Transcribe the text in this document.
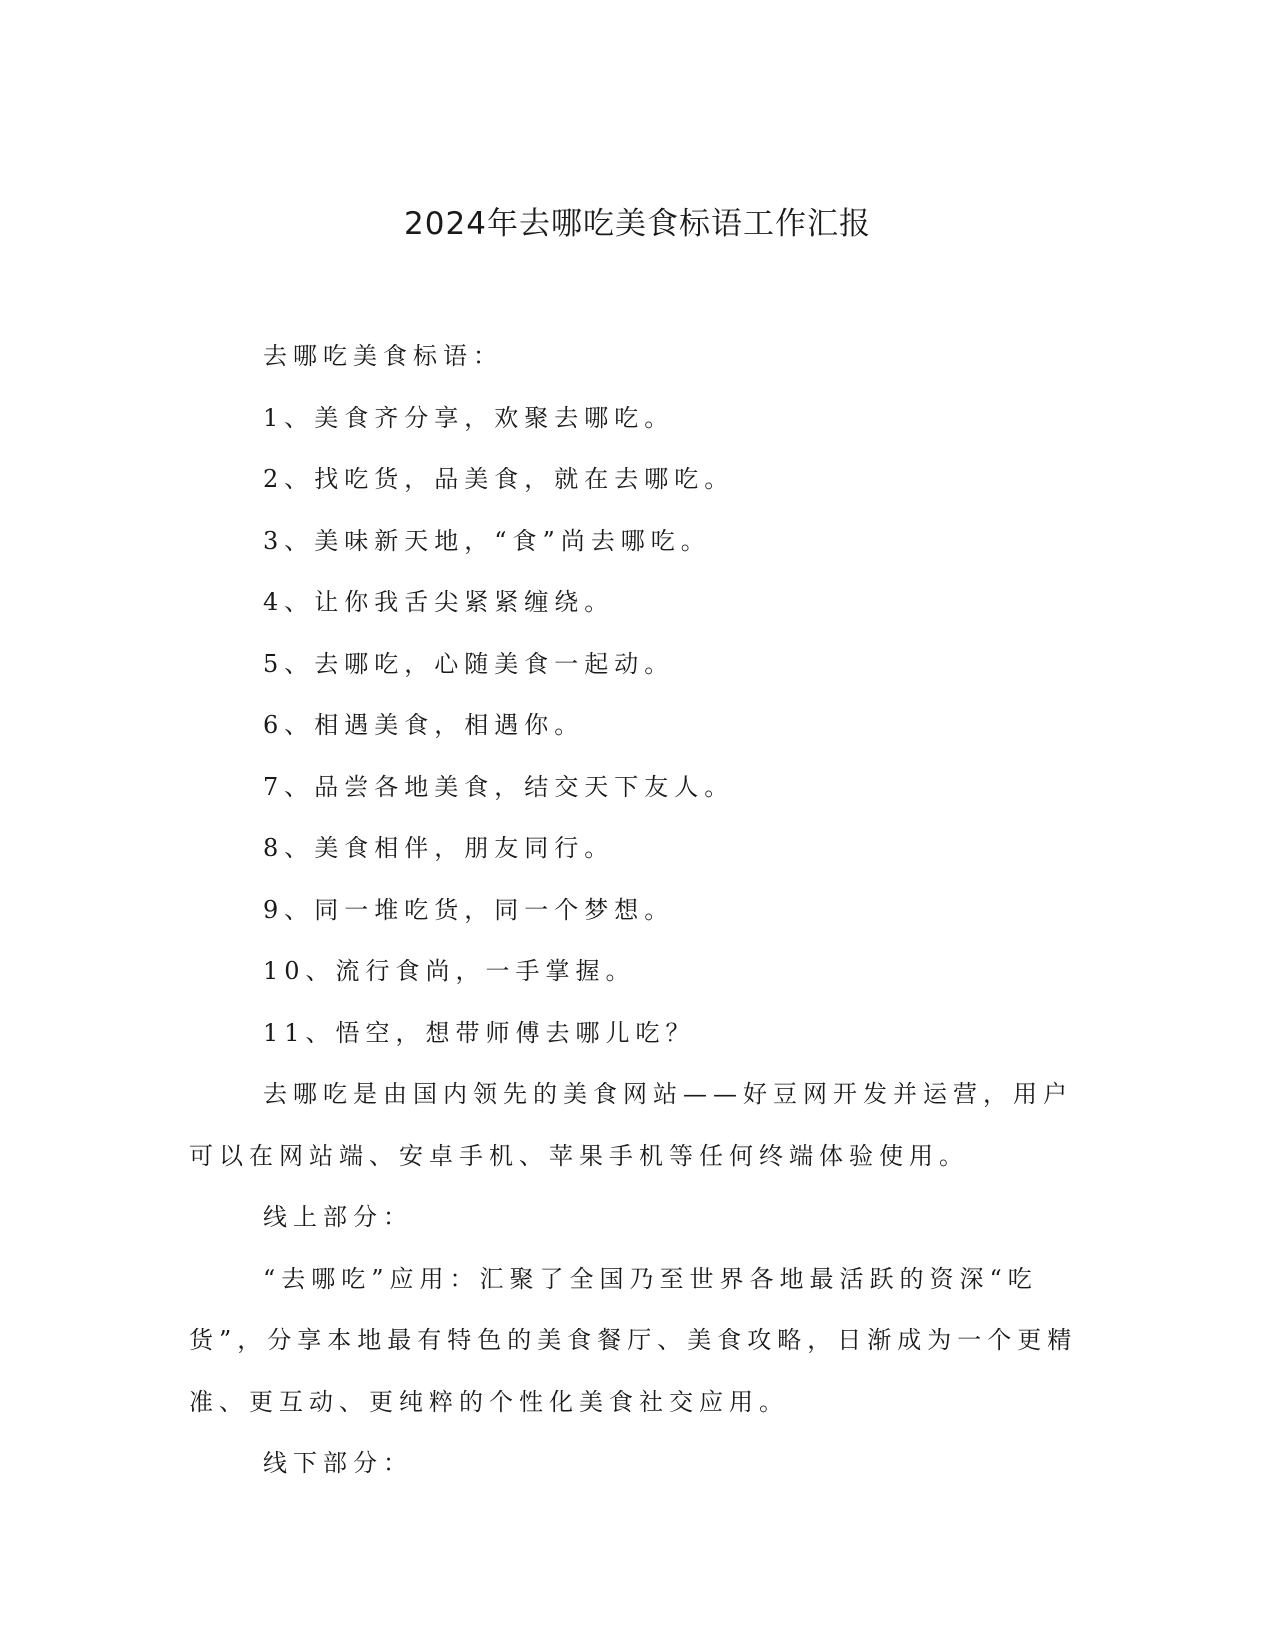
2024年去哪吃美食标语工作汇报

去哪吃美食标语：

1、美食齐分享，欢聚去哪吃。

2、找吃货，品美食，就在去哪吃。

3、美味新天地，“食”尚去哪吃。

4、让你我舌尖紧紧缠绕。

5、去哪吃，心随美食一起动。

6、相遇美食，相遇你。

7、品尝各地美食，结交天下友人。

8、美食相伴，朋友同行。

9、同一堆吃货，同一个梦想。

10、流行食尚，一手掌握。

11、悟空，想带师傅去哪儿吃？

去哪吃是由国内领先的美食网站——好豆网开发并运营，用户可以在网站端、安卓手机、苹果手机等任何终端体验使用。

线上部分：

“去哪吃”应用：汇聚了全国乃至世界各地最活跃的资深“吃货”，分享本地最有特色的美食餐厅、美食攻略，日渐成为一个更精准、更互动、更纯粹的个性化美食社交应用。

线下部分：
